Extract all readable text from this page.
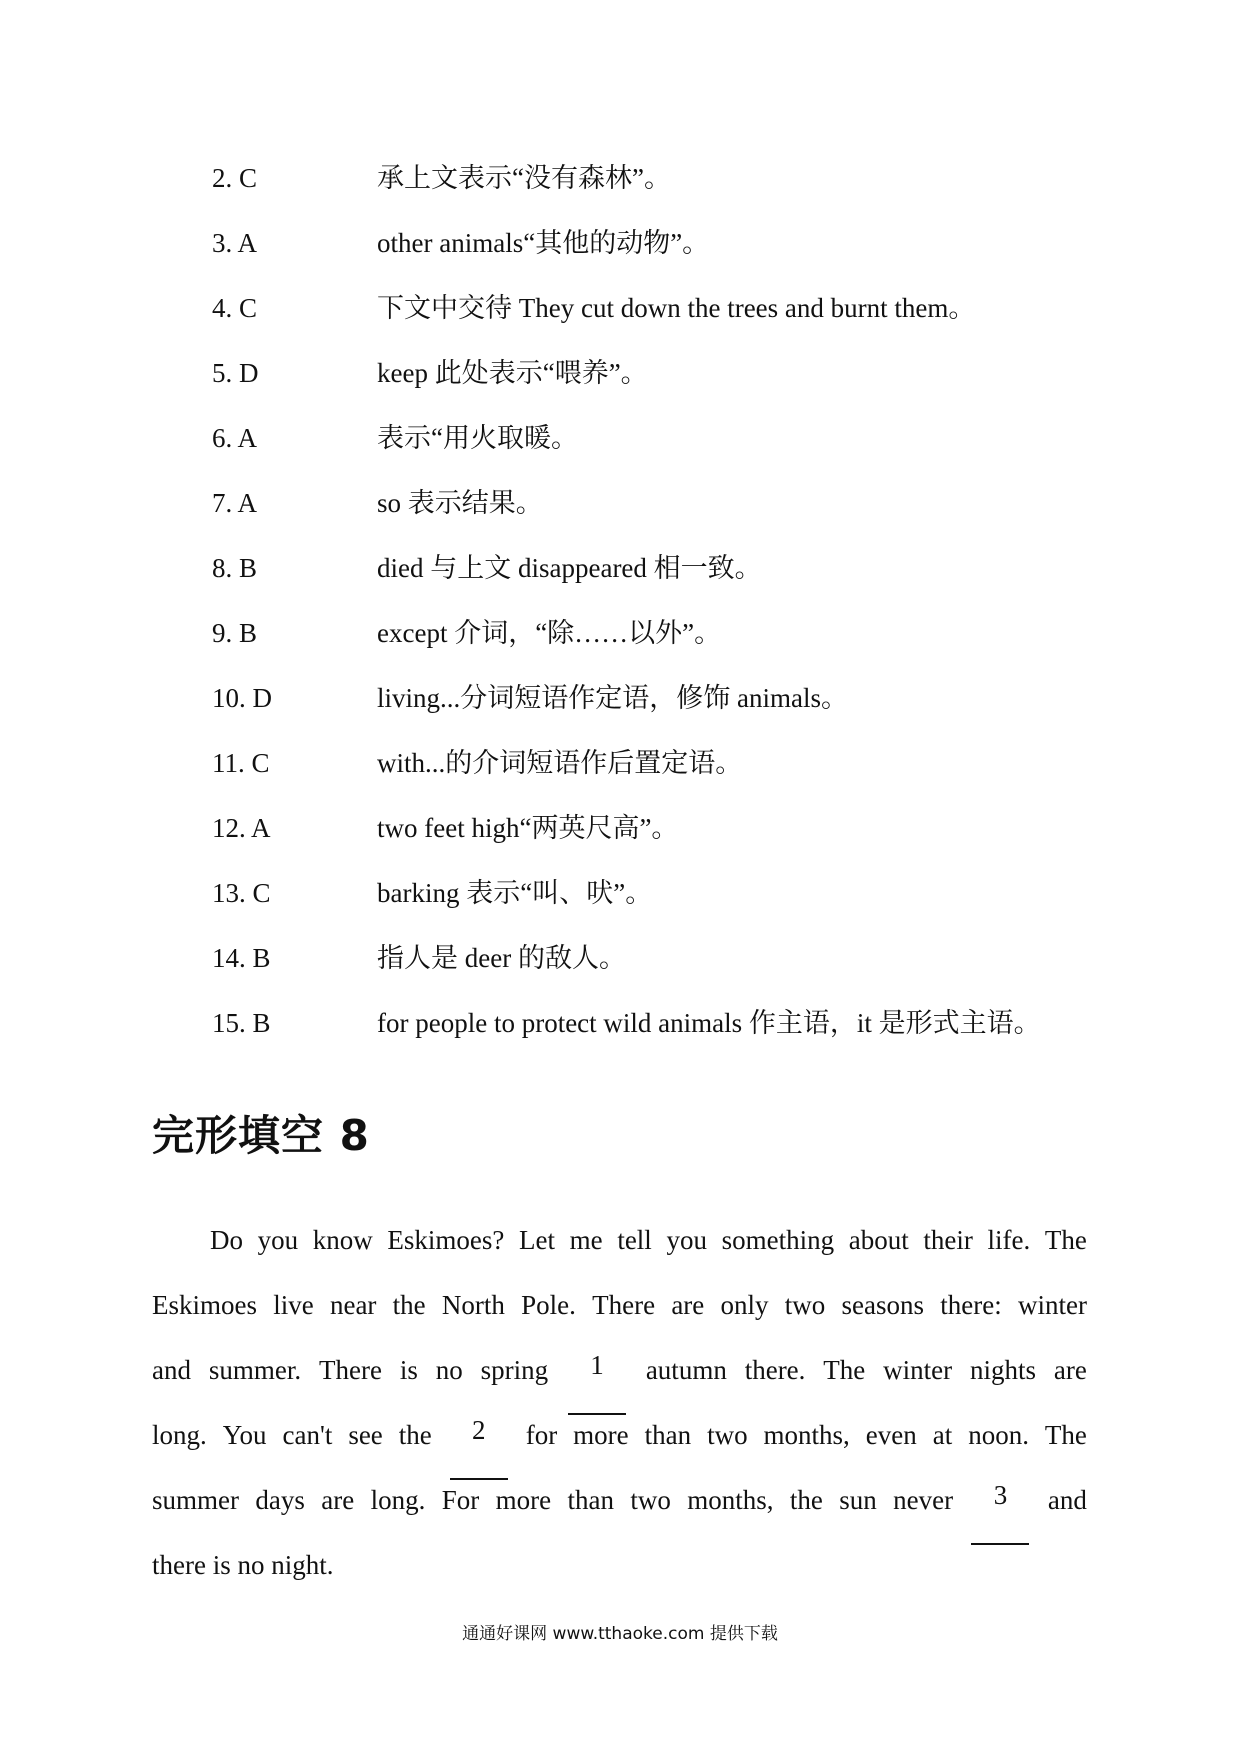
2. C	承上文表示“没有森林”。
3. A	other animals“其他的动物”。
4. C	下文中交待 They cut down the trees and burnt them。
5. D	keep 此处表示“喂养”。
6. A	表示“用火取暖。
7. A	so 表示结果。
8. B	died 与上文 disappeared 相一致。
9. B	except 介词，“除……以外”。
10. D	living...分词短语作定语，修饰 animals。
11. C	with...的介词短语作后置定语。
12. A	two feet high“两英尺高”。
13. C	barking 表示“叫、吠”。
14. B	指人是 deer 的敌人。
15. B	for people to protect wild animals 作主语，it 是形式主语。
完形填空 8
Do you know Eskimoes? Let me tell you something about their life. The
Eskimoes live near the North Pole. There are only two seasons there: winter
and summer. There is no spring	1	autumn there. The winter nights are
long. You can't see the	2	for more than two months, even at noon. The
summer days are long. For more than two months, the sun never	3	and
there is no night.
通通好课网 www.tthaoke.com 提供下载
